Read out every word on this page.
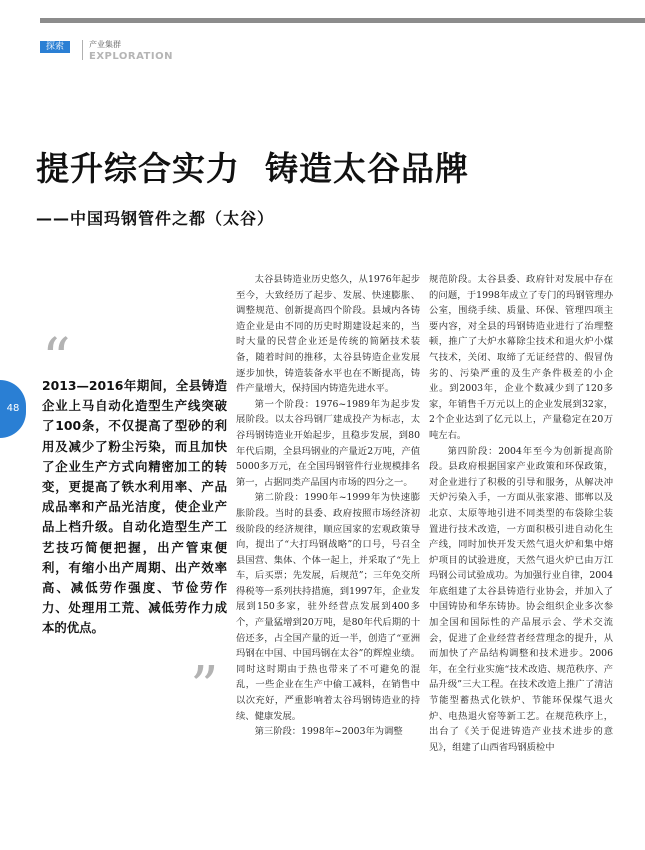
探索	产业集群
EXPLORATION
提升综合实力  铸造太谷品牌
——中国玛钢管件之都（太谷）
48
“
2013—2016年期间，全县铸造企业上马自动化造型生产线突破了100条，不仅提高了型砂的利用及减少了粉尘污染，而且加快了企业生产方式向精密加工的转变，更提高了铁水利用率、产品成品率和产品光洁度，使企业产品上档升级。自动化造型生产工艺技巧简便把握，出产管束便利，有缩小出产周期、出产效率高、减低劳作强度、节俭劳作力、处理用工荒、减低劳作力成本的优点。
”

太谷县铸造业历史悠久，从1976年起步至今，大致经历了起步、发展、快速膨胀、调整规范、创新提高四个阶段。县域内各铸造企业是由不同的历史时期建设起来的，当时大量的民营企业还是传统的简陋技术装备，随着时间的推移，太谷县铸造企业发展逐步加快，铸造装备水平也在不断提高，铸件产量增大，保持国内铸造先进水平。

第一个阶段：1976~1989年为起步发展阶段。以太谷玛钢厂建成投产为标志，太谷玛钢铸造业开始起步，且稳步发展，到80年代后期，全县玛钢业的产量近2万吨，产值5000多万元，在全国玛钢管件行业规模排名第一，占据同类产品国内市场的四分之一。

第二阶段：1990年~1999年为快速膨胀阶段。当时的县委、政府按照市场经济初级阶段的经济规律，顺应国家的宏观政策导向，提出了“大打玛钢战略”的口号，号召全县国营、集体、个体一起上，并采取了“先上车，后买票；先发展，后规范”；三年免交所得税等一系列扶持措施，到1997年，企业发展到150多家，驻外经营点发展到400多个，产量猛增到20万吨，是80年代后期的十倍还多，占全国产量的近一半，创造了“亚洲玛钢在中国、中国玛钢在太谷”的辉煌业绩。同时这时期由于热也带来了不可避免的混乱，一些企业在生产中偷工减料，在销售中以次充好，严重影响着太谷玛钢铸造业的持续、健康发展。

第三阶段：1998年~2003年为调整

规范阶段。太谷县委、政府针对发展中存在的问题，于1998年成立了专门的玛钢管理办公室，围绕手续、质量、环保、管理四项主要内容，对全县的玛钢铸造业进行了治理整顿，推广了大炉水幕除尘技术和退火炉小煤气技术，关闭、取缔了无证经营的、假冒伪劣的、污染严重的及生产条件极差的小企业。到2003年，企业个数减少到了120多家，年销售千万元以上的企业发展到32家，2个企业达到了亿元以上，产量稳定在20万吨左右。

第四阶段：2004年至今为创新提高阶段。县政府根据国家产业政策和环保政策，对企业进行了积极的引导和服务，从解决冲天炉污染入手，一方面从张家港、邯郸以及北京、太原等地引进不同类型的布袋除尘装置进行技术改造，一方面积极引进自动化生产线，同时加快开发天然气退火炉和集中熔炉项目的试验进度，天然气退火炉已由万江玛钢公司试验成功。为加强行业自律，2004年底组建了太谷县铸造行业协会，并加入了中国铸协和华东铸协。协会组织企业多次参加全国和国际性的产品展示会、学术交流会，促进了企业经营者经营理念的提升，从而加快了产品结构调整和技术进步。2006年，在全行业实施“技术改造、规范秩序、产品升级”三大工程。在技术改造上推广了清洁节能型蓄热式化铁炉、节能环保煤气退火炉、电热退火窑等新工艺。在规范秩序上，出台了《关于促进铸造产业技术进步的意见》，组建了山西省玛钢质检中
